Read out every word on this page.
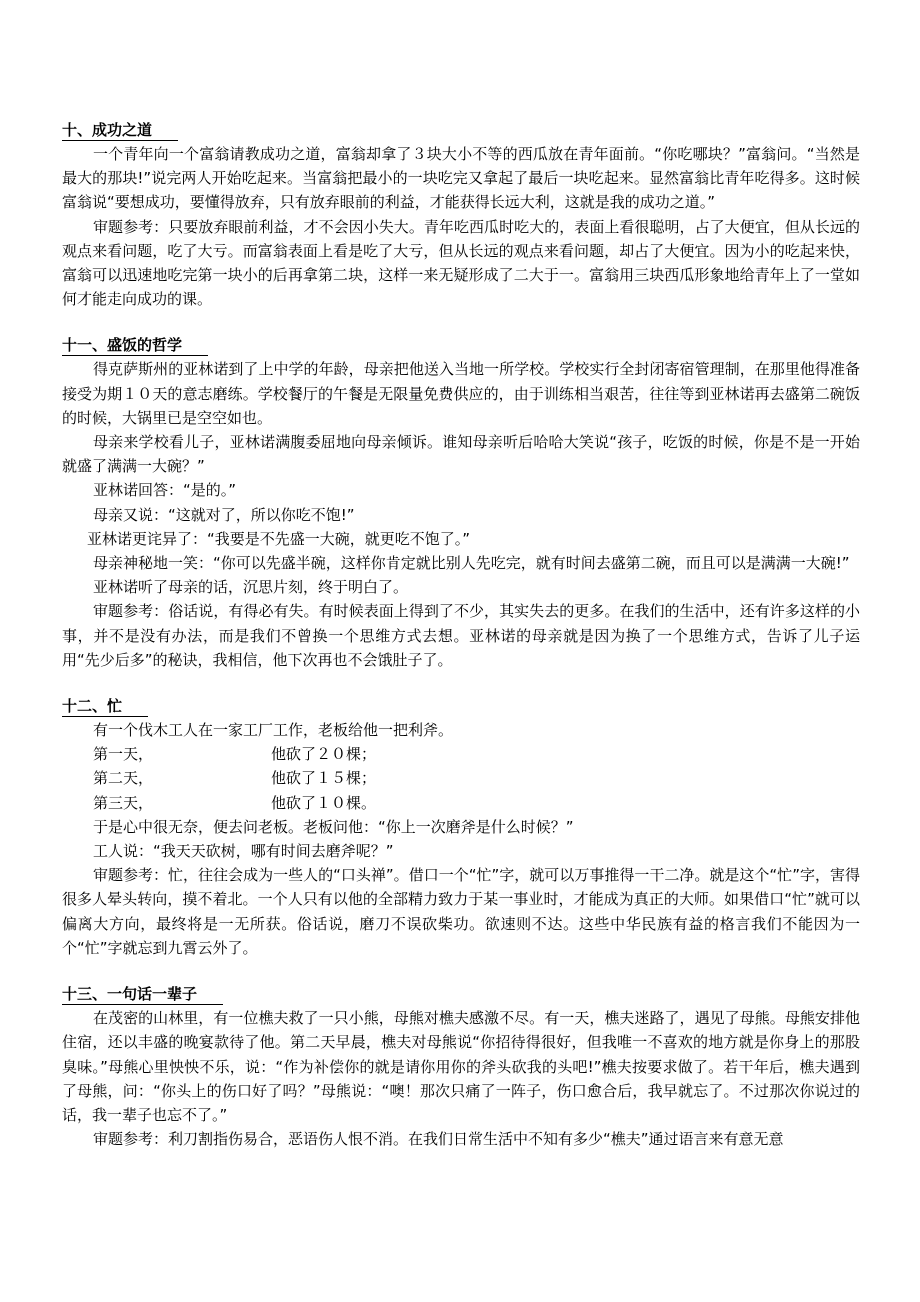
十、成功之道

一个青年向一个富翁请教成功之道，富翁却拿了３块大小不等的西瓜放在青年面前。“你吃哪块？”富翁问。“当然是最大的那块!”说完两人开始吃起来。当富翁把最小的一块吃完又拿起了最后一块吃起来。显然富翁比青年吃得多。这时候富翁说“要想成功，要懂得放弃，只有放弃眼前的利益，才能获得长远大利，这就是我的成功之道。”

审题参考：只要放弃眼前利益，才不会因小失大。青年吃西瓜时吃大的，表面上看很聪明，占了大便宜，但从长远的观点来看问题，吃了大亏。而富翁表面上看是吃了大亏，但从长远的观点来看问题，却占了大便宜。因为小的吃起来快，富翁可以迅速地吃完第一块小的后再拿第二块，这样一来无疑形成了二大于一。富翁用三块西瓜形象地给青年上了一堂如何才能走向成功的课。

十一、盛饭的哲学

得克萨斯州的亚林诺到了上中学的年龄，母亲把他送入当地一所学校。学校实行全封闭寄宿管理制，在那里他得准备接受为期１０天的意志磨练。学校餐厅的午餐是无限量免费供应的，由于训练相当艰苦，往往等到亚林诺再去盛第二碗饭的时候，大锅里已是空空如也。

母亲来学校看儿子，亚林诺满腹委屈地向母亲倾诉。谁知母亲听后哈哈大笑说“孩子，吃饭的时候，你是不是一开始就盛了满满一大碗？”

亚林诺回答：“是的。”

母亲又说：“这就对了，所以你吃不饱!”

亚林诺更诧异了：“我要是不先盛一大碗，就更吃不饱了。”

母亲神秘地一笑：“你可以先盛半碗，这样你肯定就比别人先吃完，就有时间去盛第二碗，而且可以是满满一大碗!”

亚林诺听了母亲的话，沉思片刻，终于明白了。

审题参考：俗话说，有得必有失。有时候表面上得到了不少，其实失去的更多。在我们的生活中，还有许多这样的小事，并不是没有办法，而是我们不曾换一个思维方式去想。亚林诺的母亲就是因为换了一个思维方式，告诉了儿子运用“先少后多”的秘诀，我相信，他下次再也不会饿肚子了。

十二、忙

有一个伐木工人在一家工厂工作，老板给他一把利斧。

第一天，	他砍了２０棵；
第二天，	他砍了１５棵；
第三天，	他砍了１０棵。

于是心中很无奈，便去问老板。老板问他：“你上一次磨斧是什么时候？”

工人说：“我天天砍树，哪有时间去磨斧呢？”

审题参考：忙，往往会成为一些人的“口头禅”。借口一个“忙”字，就可以万事推得一干二净。就是这个“忙”字，害得很多人晕头转向，摸不着北。一个人只有以他的全部精力致力于某一事业时，才能成为真正的大师。如果借口“忙”就可以偏离大方向，最终将是一无所获。俗话说，磨刀不误砍柴功。欲速则不达。这些中华民族有益的格言我们不能因为一个“忙”字就忘到九霄云外了。

十三、一句话一辈子

在茂密的山林里，有一位樵夫救了一只小熊，母熊对樵夫感激不尽。有一天，樵夫迷路了，遇见了母熊。母熊安排他住宿，还以丰盛的晚宴款待了他。第二天早晨，樵夫对母熊说“你招待得很好，但我唯一不喜欢的地方就是你身上的那股臭味。”母熊心里怏怏不乐，说：“作为补偿你的就是请你用你的斧头砍我的头吧!”樵夫按要求做了。若干年后，樵夫遇到了母熊，问：“你头上的伤口好了吗？”母熊说：“噢！那次只痛了一阵子，伤口愈合后，我早就忘了。不过那次你说过的话，我一辈子也忘不了。”

审题参考：利刀割指伤易合，恶语伤人恨不消。在我们日常生活中不知有多少“樵夫”通过语言来有意无意
